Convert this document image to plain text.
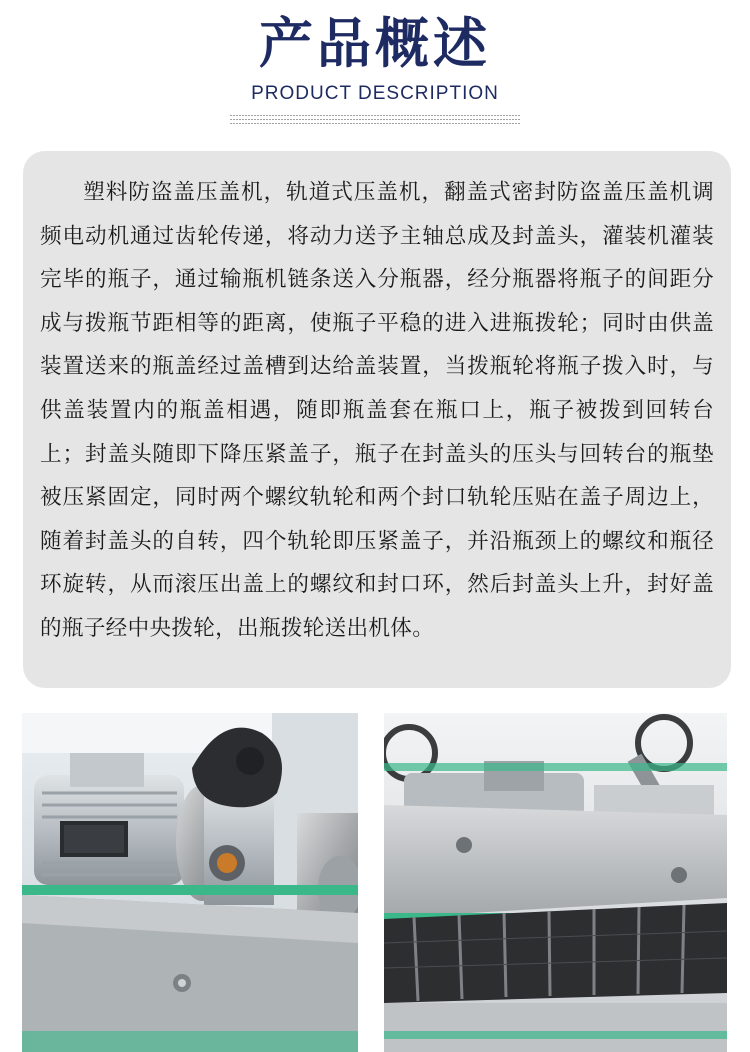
产品概述
PRODUCT DESCRIPTION

塑料防盗盖压盖机，轨道式压盖机，翻盖式密封防盗盖压盖机调频电动机通过齿轮传递，将动力送予主轴总成及封盖头，灌装机灌装完毕的瓶子，通过输瓶机链条送入分瓶器，经分瓶器将瓶子的间距分成与拨瓶节距相等的距离，使瓶子平稳的进入进瓶拨轮；同时由供盖装置送来的瓶盖经过盖槽到达给盖装置，当拨瓶轮将瓶子拨入时，与供盖装置内的瓶盖相遇，随即瓶盖套在瓶口上，瓶子被拨到回转台上；封盖头随即下降压紧盖子，瓶子在封盖头的压头与回转台的瓶垫被压紧固定，同时两个螺纹轨轮和两个封口轨轮压贴在盖子周边上，随着封盖头的自转，四个轨轮即压紧盖子，并沿瓶颈上的螺纹和瓶径环旋转，从而滚压出盖上的螺纹和封口环，然后封盖头上升，封好盖的瓶子经中央拨轮，出瓶拨轮送出机体。
